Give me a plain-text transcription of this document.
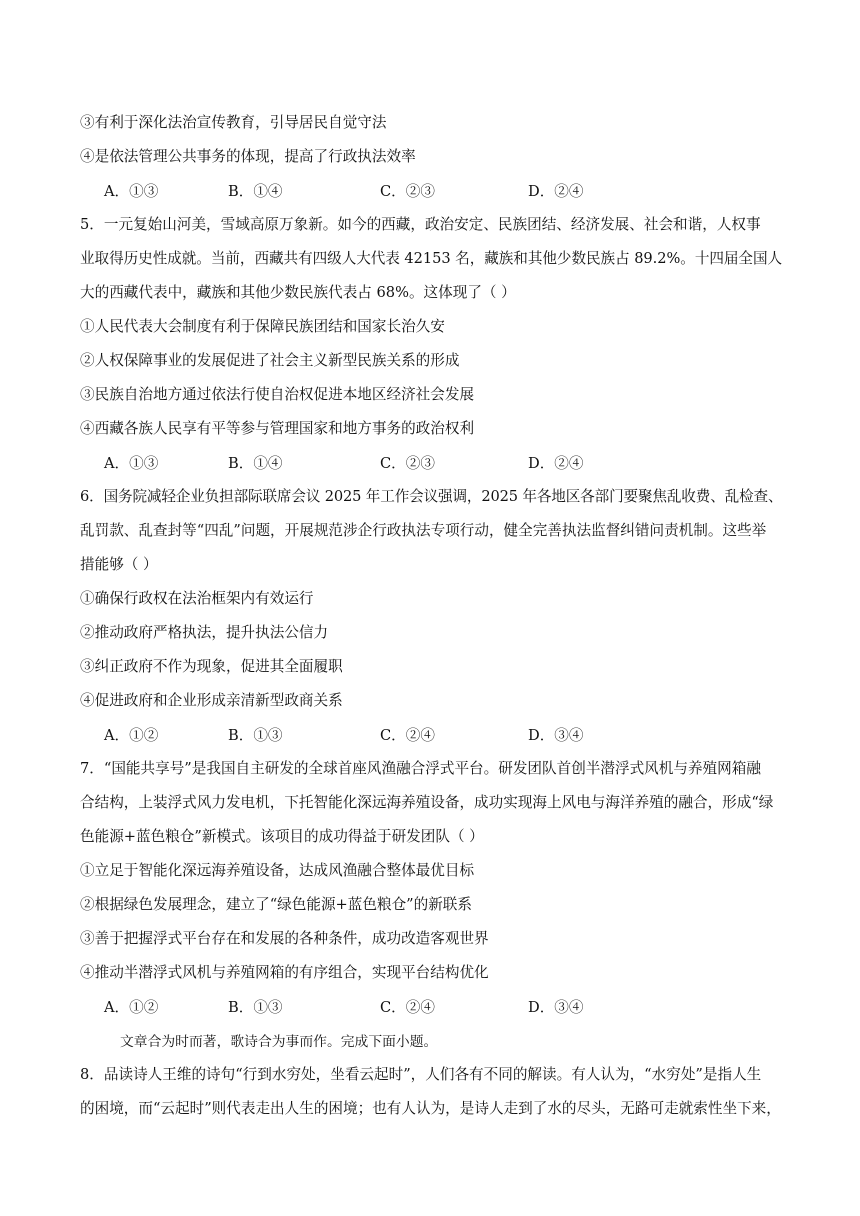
③有利于深化法治宣传教育，引导居民自觉守法
④是依法管理公共事务的体现，提高了行政执法效率
A．①③	B．①④	C．②③	D．②④
5．一元复始山河美，雪域高原万象新。如今的西藏，政治安定、民族团结、经济发展、社会和谐，人权事
业取得历史性成就。当前，西藏共有四级人大代表 42153 名，藏族和其他少数民族占 89.2%。十四届全国人
大的西藏代表中，藏族和其他少数民族代表占 68%。这体现了（ ）
①人民代表大会制度有利于保障民族团结和国家长治久安
②人权保障事业的发展促进了社会主义新型民族关系的形成
③民族自治地方通过依法行使自治权促进本地区经济社会发展
④西藏各族人民享有平等参与管理国家和地方事务的政治权利
A．①③	B．①④	C．②③	D．②④
6．国务院减轻企业负担部际联席会议 2025 年工作会议强调，2025 年各地区各部门要聚焦乱收费、乱检查、
乱罚款、乱查封等“四乱”问题，开展规范涉企行政执法专项行动，健全完善执法监督纠错问责机制。这些举
措能够（ ）
①确保行政权在法治框架内有效运行
②推动政府严格执法，提升执法公信力
③纠正政府不作为现象，促进其全面履职
④促进政府和企业形成亲清新型政商关系
A．①②	B．①③	C．②④	D．③④
7．“国能共享号”是我国自主研发的全球首座风渔融合浮式平台。研发团队首创半潜浮式风机与养殖网箱融
合结构，上装浮式风力发电机，下托智能化深远海养殖设备，成功实现海上风电与海洋养殖的融合，形成“绿
色能源+蓝色粮仓”新模式。该项目的成功得益于研发团队（ ）
①立足于智能化深远海养殖设备，达成风渔融合整体最优目标
②根据绿色发展理念，建立了“绿色能源+蓝色粮仓”的新联系
③善于把握浮式平台存在和发展的各种条件，成功改造客观世界
④推动半潜浮式风机与养殖网箱的有序组合，实现平台结构优化
A．①②	B．①③	C．②④	D．③④
文章合为时而著，歌诗合为事而作。完成下面小题。
8．品读诗人王维的诗句“行到水穷处，坐看云起时”，人们各有不同的解读。有人认为，“水穷处”是指人生
的困境，而“云起时”则代表走出人生的困境；也有人认为，是诗人走到了水的尽头，无路可走就索性坐下来，
